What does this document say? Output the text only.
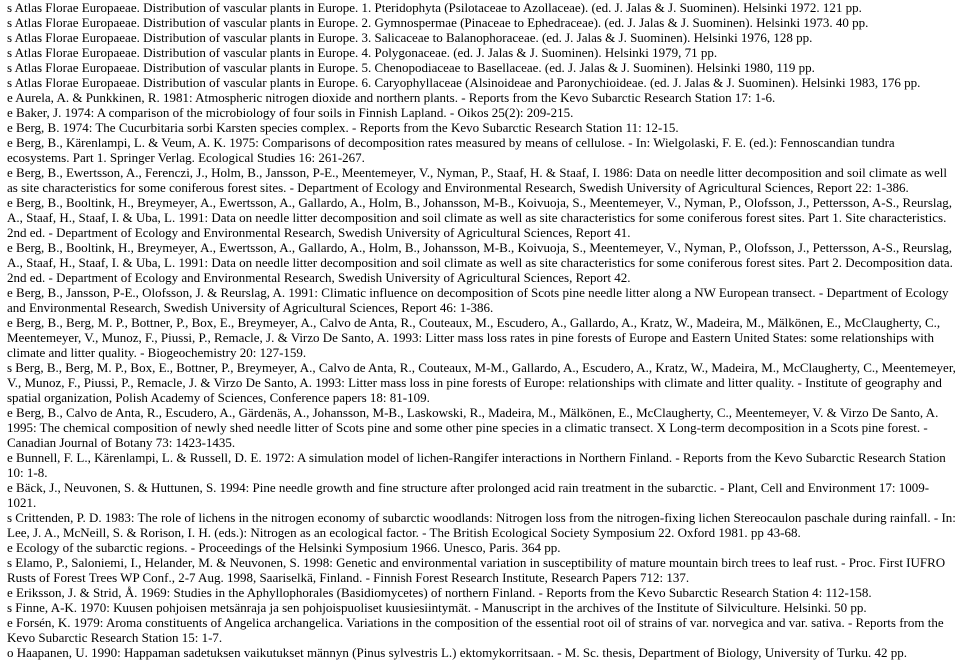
s Atlas Florae Europaeae. Distribution of vascular plants in Europe. 1. Pteridophyta (Psilotaceae to Azollaceae). (ed. J. Jalas & J. Suominen). Helsinki 1972. 121 pp.

s Atlas Florae Europaeae. Distribution of vascular plants in Europe. 2. Gymnospermae (Pinaceae to Ephedraceae). (ed. J. Jalas & J. Suominen). Helsinki 1973. 40 pp.

s Atlas Florae Europaeae. Distribution of vascular plants in Europe. 3. Salicaceae to Balanophoraceae. (ed. J. Jalas & J. Suominen). Helsinki 1976, 128 pp.

s Atlas Florae Europaeae. Distribution of vascular plants in Europe. 4. Polygonaceae. (ed. J. Jalas & J. Suominen). Helsinki 1979, 71 pp.

s Atlas Florae Europaeae. Distribution of vascular plants in Europe. 5. Chenopodiaceae to Basellaceae. (ed. J. Jalas & J. Suominen). Helsinki 1980, 119 pp.

s Atlas Florae Europaeae. Distribution of vascular plants in Europe. 6. Caryophyllaceae (Alsinoideae and Paronychioideae. (ed. J. Jalas & J. Suominen). Helsinki 1983, 176 pp.

e Aurela, A. & Punkkinen, R. 1981: Atmospheric nitrogen dioxide and northern plants. - Reports from the Kevo Subarctic Research Station 17: 1-6.

e Baker, J. 1974: A comparison of the microbiology of four soils in Finnish Lapland. - Oikos 25(2): 209-215.

e Berg, B. 1974: The Cucurbitaria sorbi Karsten species complex. - Reports from the Kevo Subarctic Research Station 11: 12-15.

e Berg, B., Kärenlampi, L. & Veum, A. K. 1975: Comparisons of decomposition rates measured by means of cellulose. - In: Wielgolaski, F. E. (ed.): Fennoscandian tundra ecosystems. Part 1. Springer Verlag. Ecological Studies 16: 261-267.

e Berg, B., Ewertsson, A., Ferenczi, J., Holm, B., Jansson, P-E., Meentemeyer, V., Nyman, P., Staaf, H. & Staaf, I. 1986: Data on needle litter decomposition and soil climate as well as site characteristics for some coniferous forest sites. - Department of Ecology and Environmental Research, Swedish University of Agricultural Sciences, Report 22: 1-386.

e Berg, B., Booltink, H., Breymeyer, A., Ewertsson, A., Gallardo, A., Holm, B., Johansson, M-B., Koivuoja, S., Meentemeyer, V., Nyman, P., Olofsson, J., Pettersson, A-S., Reurslag, A., Staaf, H., Staaf, I. & Uba, L. 1991: Data on needle litter decomposition and soil climate as well as site characteristics for some coniferous forest sites. Part 1. Site characteristics. 2nd ed. - Department of Ecology and Environmental Research, Swedish University of Agricultural Sciences, Report 41.

e Berg, B., Booltink, H., Breymeyer, A., Ewertsson, A., Gallardo, A., Holm, B., Johansson, M-B., Koivuoja, S., Meentemeyer, V., Nyman, P., Olofsson, J., Pettersson, A-S., Reurslag, A., Staaf, H., Staaf, I. & Uba, L. 1991: Data on needle litter decomposition and soil climate as well as site characteristics for some coniferous forest sites. Part 2. Decomposition data. 2nd ed. - Department of Ecology and Environmental Research, Swedish University of Agricultural Sciences, Report 42.

e Berg, B., Jansson, P-E., Olofsson, J. & Reurslag, A. 1991: Climatic influence on decomposition of Scots pine needle litter along a NW European transect. - Department of Ecology and Environmental Research, Swedish University of Agricultural Sciences, Report 46: 1-386.

e Berg, B., Berg, M. P., Bottner, P., Box, E., Breymeyer, A., Calvo de Anta, R., Couteaux, M., Escudero, A., Gallardo, A., Kratz, W., Madeira, M., Mälkönen, E., McClaugherty, C., Meentemeyer, V., Munoz, F., Piussi, P., Remacle, J. & Virzo De Santo, A. 1993: Litter mass loss rates in pine forests of Europe and Eastern United States: some relationships with climate and litter quality. - Biogeochemistry 20: 127-159.

s Berg, B., Berg, M. P., Box, E., Bottner, P., Breymeyer, A., Calvo de Anta, R., Couteaux, M-M., Gallardo, A., Escudero, A., Kratz, W., Madeira, M., McClaugherty, C., Meentemeyer, V., Munoz, F., Piussi, P., Remacle, J. & Virzo De Santo, A. 1993: Litter mass loss in pine forests of Europe: relationships with climate and litter quality. - Institute of geography and spatial organization, Polish Academy of Sciences, Conference papers 18: 81-109.

e Berg, B., Calvo de Anta, R., Escudero, A., Gärdenäs, A., Johansson, M-B., Laskowski, R., Madeira, M., Mälkönen, E., McClaugherty, C., Meentemeyer, V. & Virzo De Santo, A. 1995: The chemical composition of newly shed needle litter of Scots pine and some other pine species in a climatic transect. X Long-term decomposition in a Scots pine forest. - Canadian Journal of Botany 73: 1423-1435.

e Bunnell, F. L., Kärenlampi, L. & Russell, D. E. 1972: A simulation model of lichen-Rangifer interactions in Northern Finland. - Reports from the Kevo Subarctic Research Station 10: 1-8.

e Bäck, J., Neuvonen, S. & Huttunen, S. 1994: Pine needle growth and fine structure after prolonged acid rain treatment in the subarctic. - Plant, Cell and Environment 17: 1009-1021.

s Crittenden, P. D. 1983: The role of lichens in the nitrogen economy of subarctic woodlands: Nitrogen loss from the nitrogen-fixing lichen Stereocaulon paschale during rainfall. - In: Lee, J. A., McNeill, S. & Rorison, I. H. (eds.): Nitrogen as an ecological factor. - The British Ecological Society Symposium 22. Oxford 1981. pp 43-68.

e Ecology of the subarctic regions. - Proceedings of the Helsinki Symposium 1966. Unesco, Paris. 364 pp.

s Elamo, P., Saloniemi, I., Helander, M. & Neuvonen, S. 1998: Genetic and environmental variation in susceptibility of mature mountain birch trees to leaf rust. - Proc. First IUFRO Rusts of Forest Trees WP Conf., 2-7 Aug. 1998, Saariselkä, Finland. - Finnish Forest Research Institute, Research Papers 712: 137.

e Eriksson, J. & Strid, Å. 1969: Studies in the Aphyllophorales (Basidiomycetes) of northern Finland. - Reports from the Kevo Subarctic Research Station 4: 112-158.

s Finne, A-K. 1970: Kuusen pohjoisen metsänraja ja sen pohjoispuoliset kuusiesiintymät. - Manuscript in the archives of the Institute of Silviculture. Helsinki. 50 pp.

e Forsén, K. 1979: Aroma constituents of Angelica archangelica. Variations in the composition of the essential root oil of strains of var. norvegica and var. sativa. - Reports from the Kevo Subarctic Research Station 15: 1-7.

o Haapanen, U. 1990: Happaman sadetuksen vaikutukset männyn (Pinus sylvestris L.) ektomykorritsaan. - M. Sc. thesis, Department of Biology, University of Turku. 42 pp.
